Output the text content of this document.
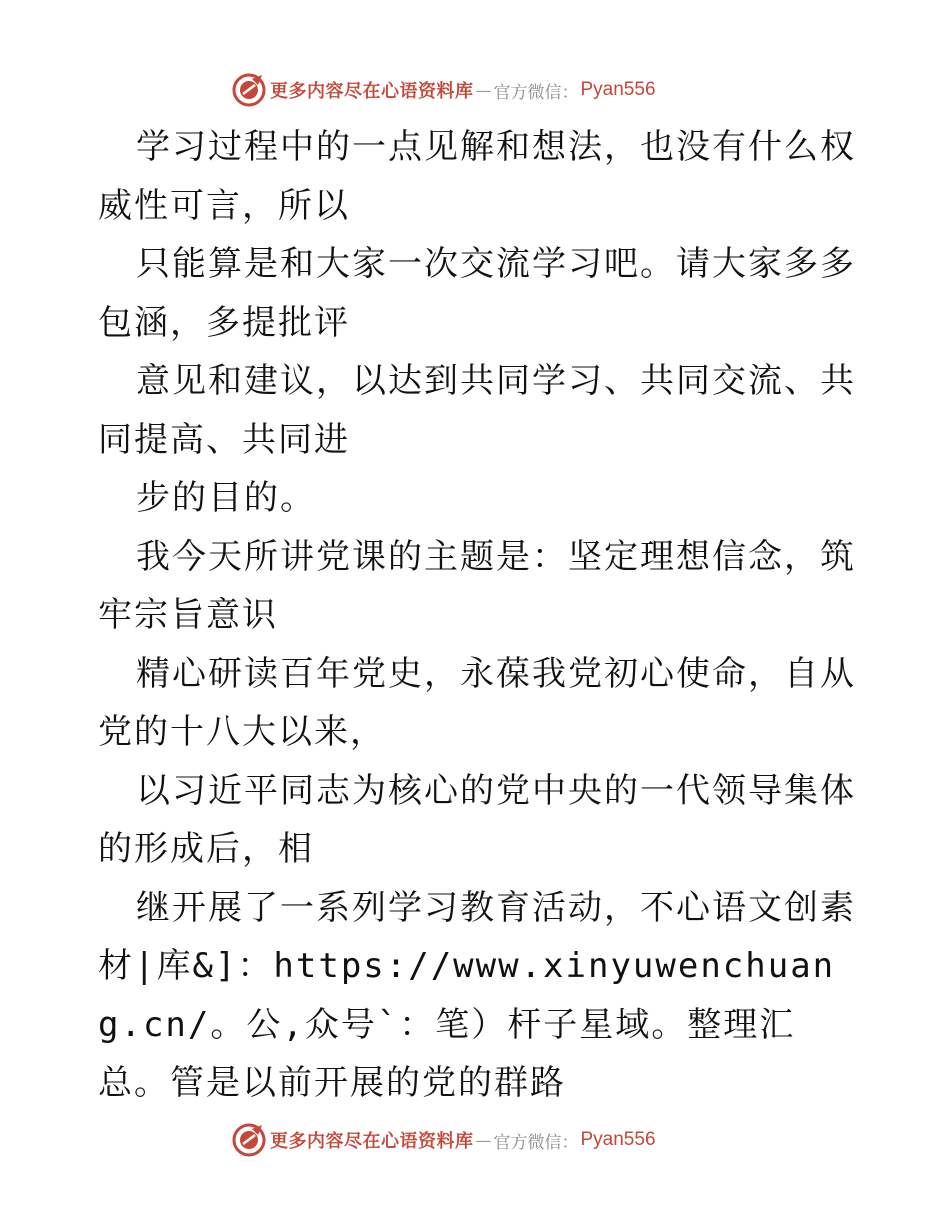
更多内容尽在心语资料库 — 官方微信： Pyan556

学习过程中的一点见解和想法，也没有什么权威性可言，所以

只能算是和大家一次交流学习吧。请大家多多包涵，多提批评

意见和建议，以达到共同学习、共同交流、共同提高、共同进

步的目的。

我今天所讲党课的主题是：坚定理想信念，筑牢宗旨意识

精心研读百年党史，永葆我党初心使命，自从党的十八大以来，

以习近平同志为核心的党中央的一代领导集体的形成后，相

继开展了一系列学习教育活动，不心语文创素材|库&]：https://www.xinyuwenchuang.cn/。公,众号`：笔）杆子星域。整理汇总。管是以前开展的党的群路

更多内容尽在心语资料库 — 官方微信： Pyan556
